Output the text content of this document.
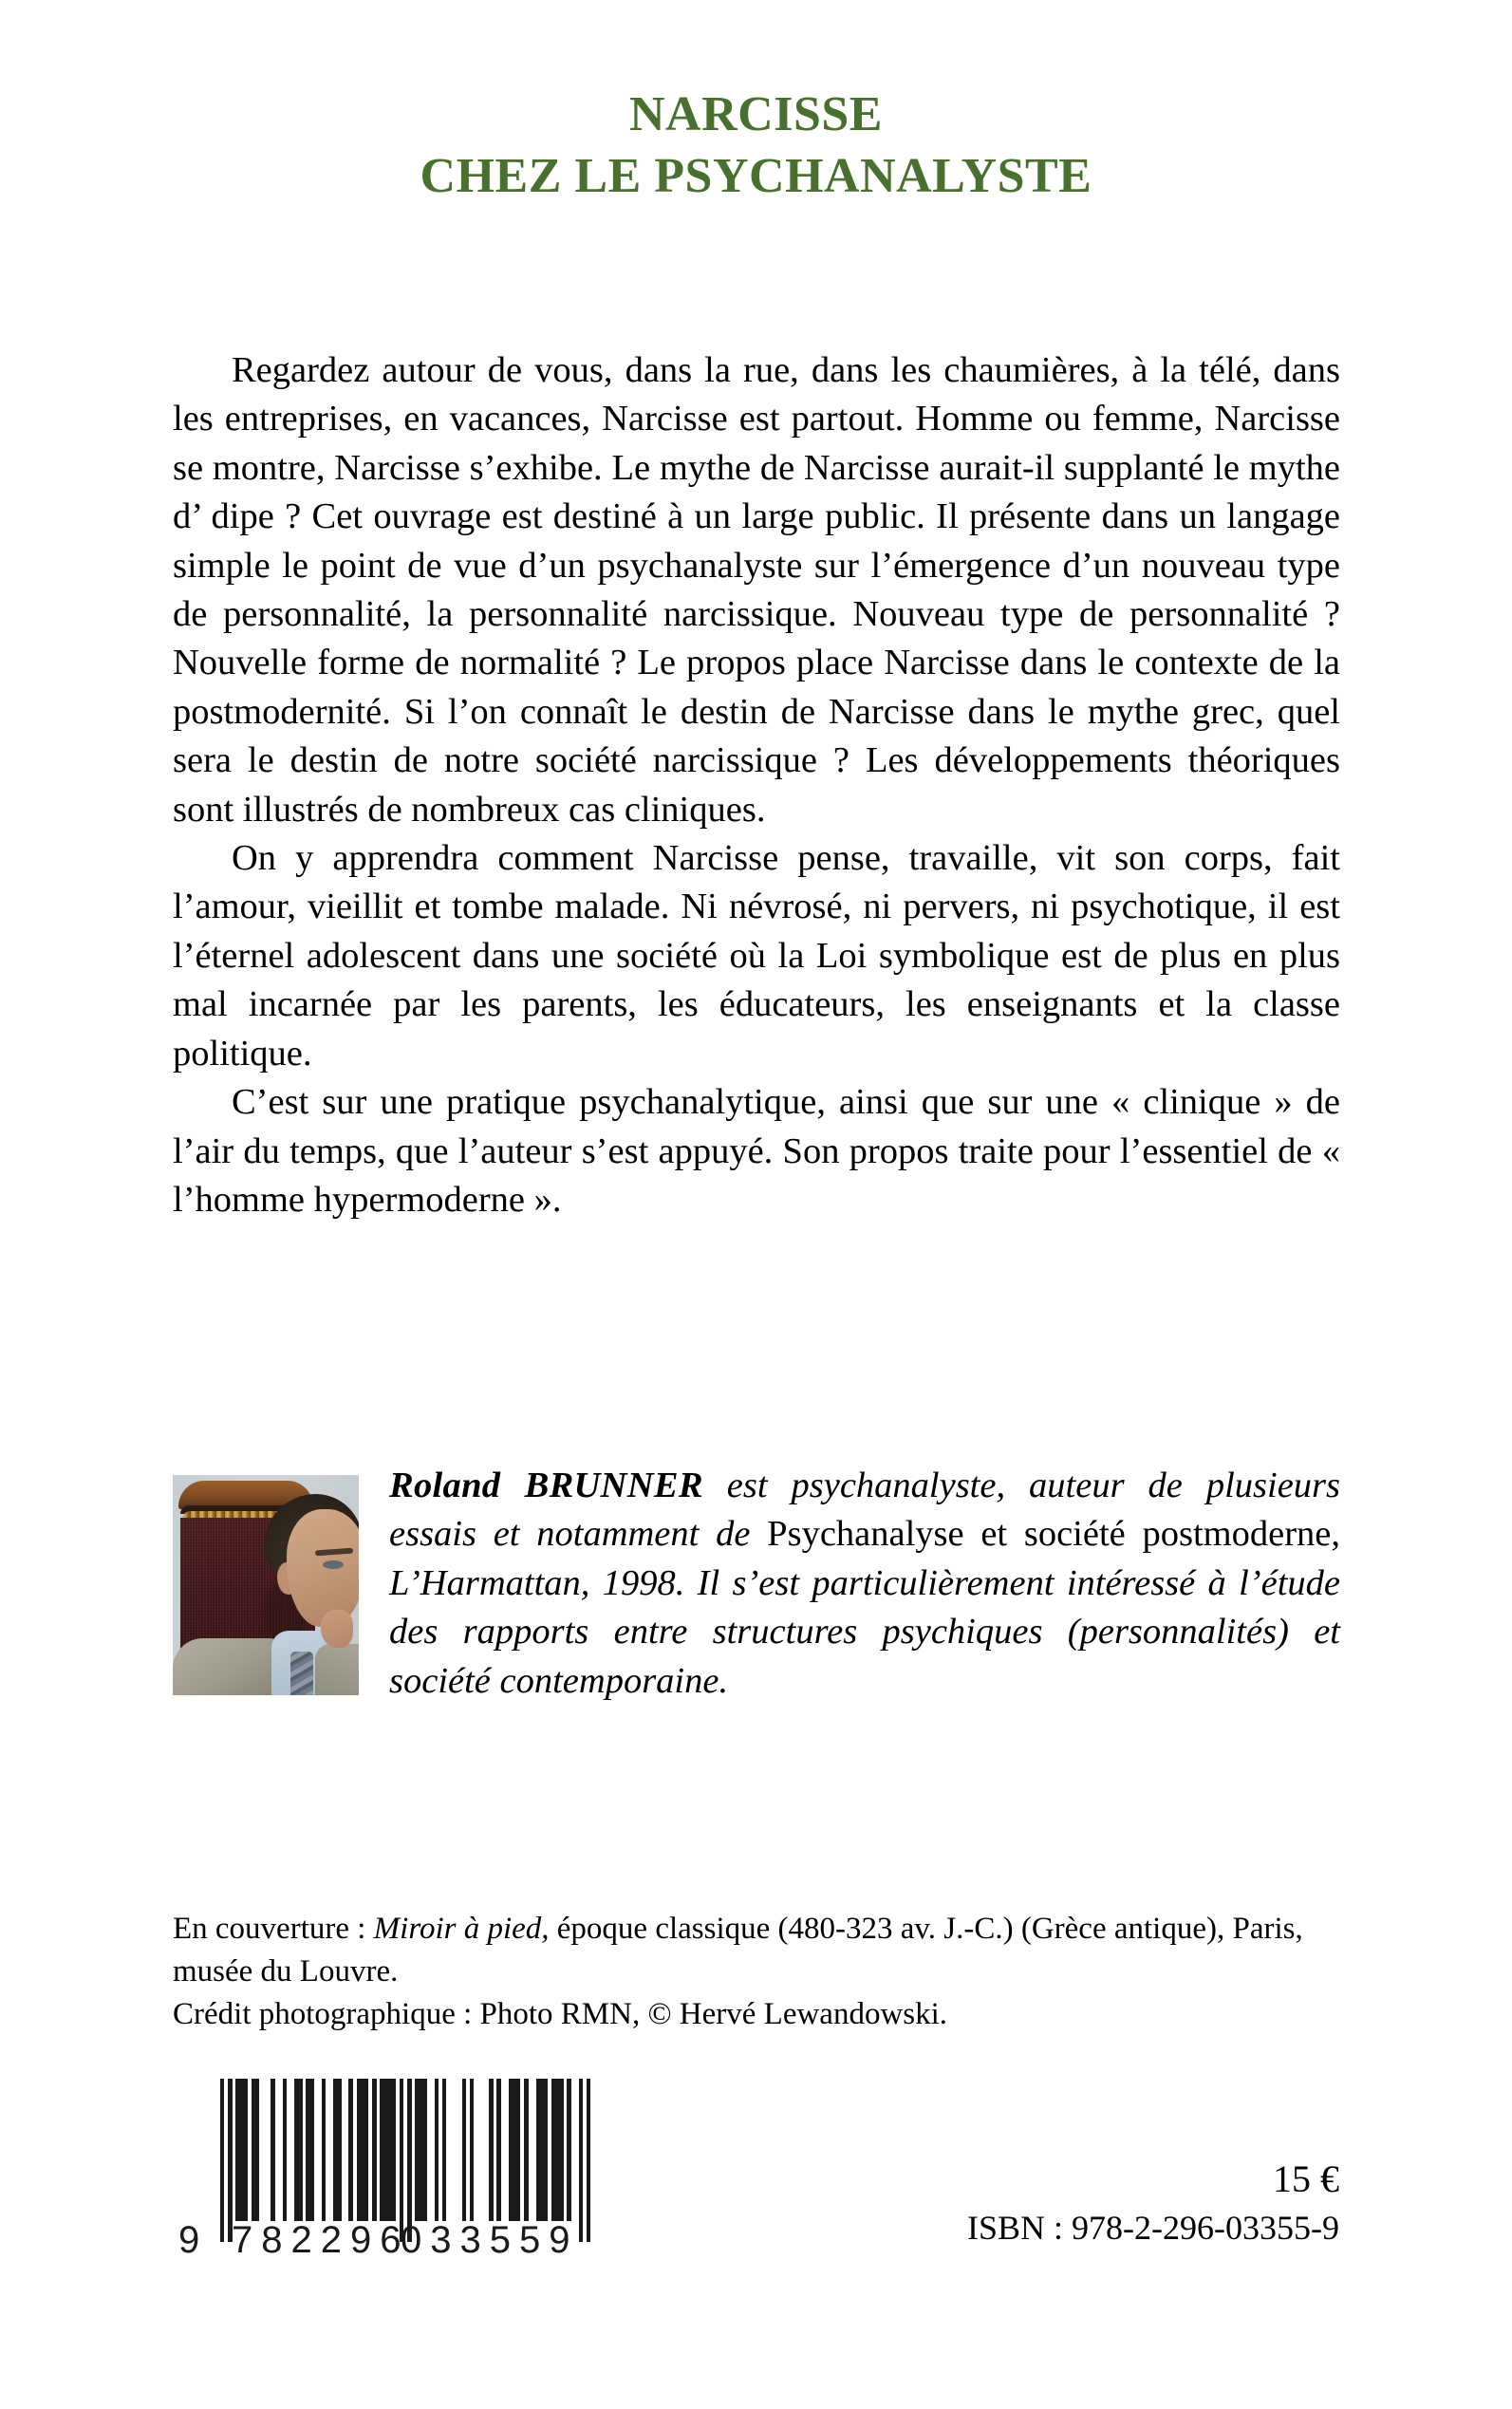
NARCISSE
CHEZ LE PSYCHANALYSTE

Regardez autour de vous, dans la rue, dans les chaumières, à la télé, dans les entreprises, en vacances, Narcisse est partout. Homme ou femme, Narcisse se montre, Narcisse s’exhibe. Le mythe de Narcisse aurait-il supplanté le mythe d’ dipe ? Cet ouvrage est destiné à un large public. Il présente dans un langage simple le point de vue d’un psychanalyste sur l’émergence d’un nouveau type de personnalité, la personnalité narcissique. Nouveau type de personnalité ? Nouvelle forme de normalité ? Le propos place Narcisse dans le contexte de la postmodernité. Si l’on connaît le destin de Narcisse dans le mythe grec, quel sera le destin de notre société narcissique ? Les développements théoriques sont illustrés de nombreux cas cliniques.

On y apprendra comment Narcisse pense, travaille, vit son corps, fait l’amour, vieillit et tombe malade. Ni névrosé, ni pervers, ni psychotique, il est l’éternel adolescent dans une société où la Loi symbolique est de plus en plus mal incarnée par les parents, les éducateurs, les enseignants et la classe politique.

C’est sur une pratique psychanalytique, ainsi que sur une « clinique » de l’air du temps, que l’auteur s’est appuyé. Son propos traite pour l’essentiel de « l’homme hypermoderne ».

Roland BRUNNER est psychanalyste, auteur de plusieurs essais et notamment de Psychanalyse et société postmoderne, L’Harmattan, 1998. Il s’est particulièrement intéressé à l’étude des rapports entre structures psychiques (personnalités) et société contemporaine.
En couverture : Miroir à pied, époque classique (480-323 av. J.-C.) (Grèce antique), Paris, musée du Louvre.
Crédit photographique : Photo RMN, © Hervé Lewandowski.
9 782296
033559
15 €
ISBN : 978-2-296-03355-9
